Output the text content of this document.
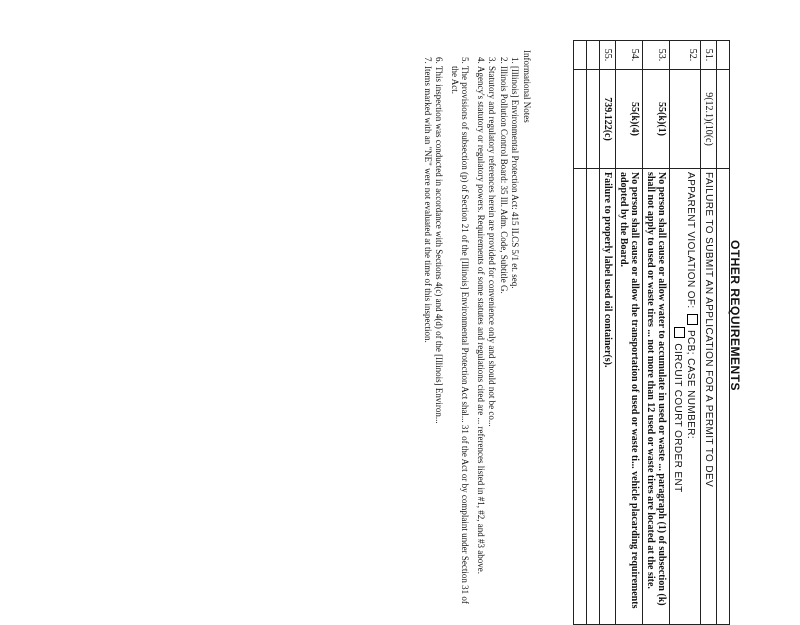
OTHER REQUIREMENTS

51.	9(12.1)(10(c)	FAILURE TO SUBMIT AN APPLICATION FOR A PERMIT TO DEV
52.		APPARENT VIOLATION OF:  PCB; CASE NUMBER:
CIRCUIT COURT ORDER ENT
53.	55(k)(1)	No person shall cause or allow water to accumulate in used or waste ... paragraph (1) of subsection (k) shall not apply to used or waste tires ... not more than 12 used or waste tires are located at the site.
54.	55(k)(4)	No person shall cause or allow the transportation of used or waste ti... vehicle placarding requirements adopted by the Board.
55.	739.122(c)	Failure to properly label used oil container(s).

Informational Notes
1. [Illinois] Environmental Protection Act: 415 ILCS 5/1 et. seq.
2. Illinois Pollution Control Board: 35 Ill. Adm. Code, Subtitle G.
3. Statutory and regulatory references herein are provided for convenience only and should not be co...
4. Agency's statutory or regulatory powers. Requirements of some statutes and regulations cited are ... references listed in #1, #2, and #3 above.
5. The provisions of subsection (p) of Section 21 of the [Illinois] Environmental Protection Act shal... 31 of the Act or by complaint under Section 31 of the Act.
6. This inspection was conducted in accordance with Sections 4(c) and 4(d) of the [Illinois] Environ...
7. Items marked with an "NE" were not evaluated at the time of this inspection.
